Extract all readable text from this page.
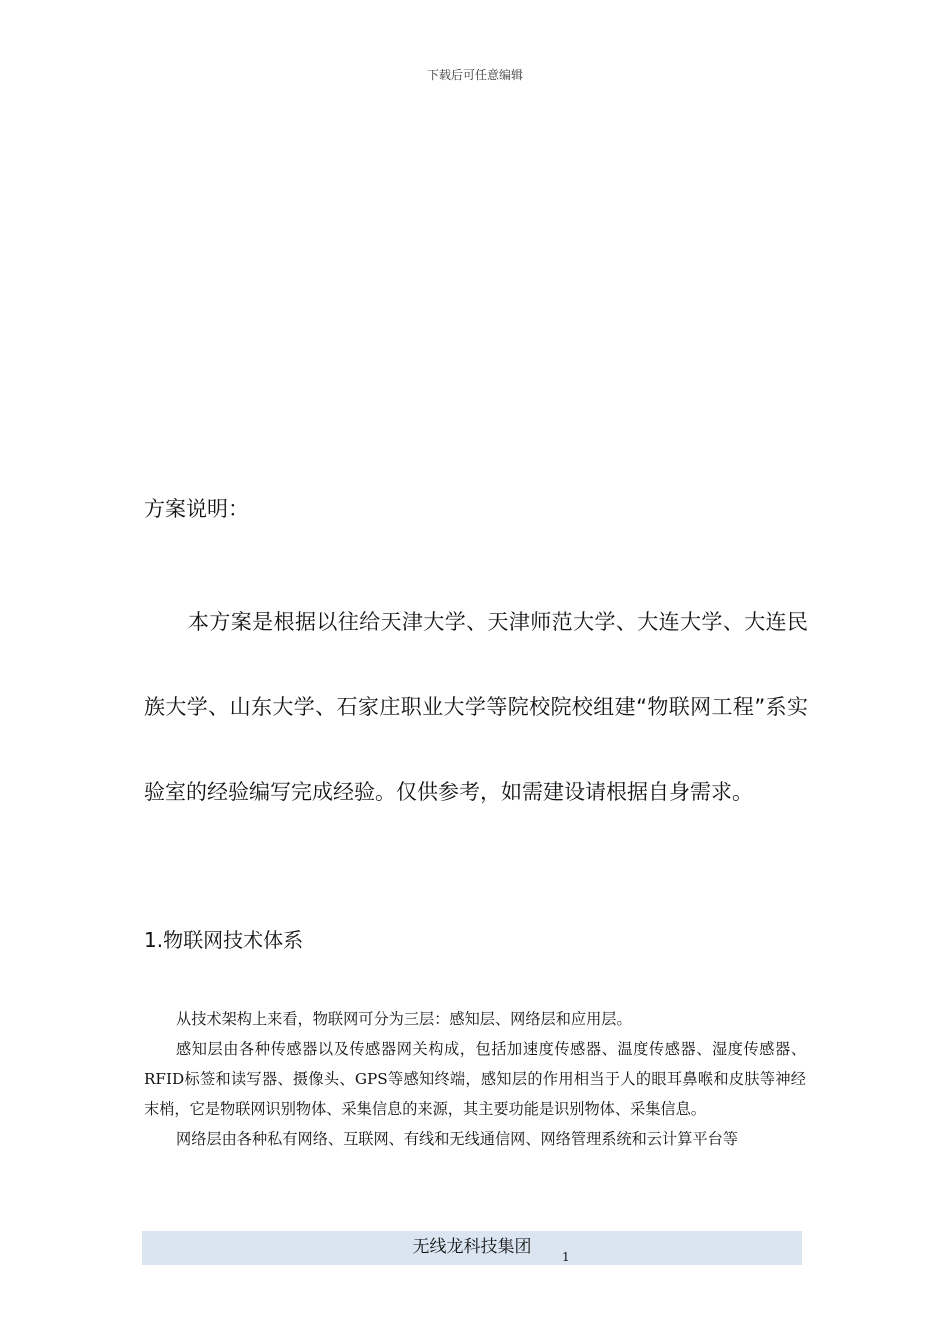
下载后可任意编辑
方案说明：

本方案是根据以往给天津大学、天津师范大学、大连大学、大连民族大学、山东大学、石家庄职业大学等院校院校组建“物联网工程”系实验室的经验编写完成经验。仅供参考，如需建设请根据自身需求。

1.物联网技术体系

从技术架构上来看，物联网可分为三层：感知层、网络层和应用层。

感知层由各种传感器以及传感器网关构成，包括加速度传感器、温度传感器、湿度传感器、RFID标签和读写器、摄像头、GPS等感知终端，感知层的作用相当于人的眼耳鼻喉和皮肤等神经末梢，它是物联网识别物体、采集信息的来源，其主要功能是识别物体、采集信息。

网络层由各种私有网络、互联网、有线和无线通信网、网络管理系统和云计算平台等

无线龙科技集团	1
